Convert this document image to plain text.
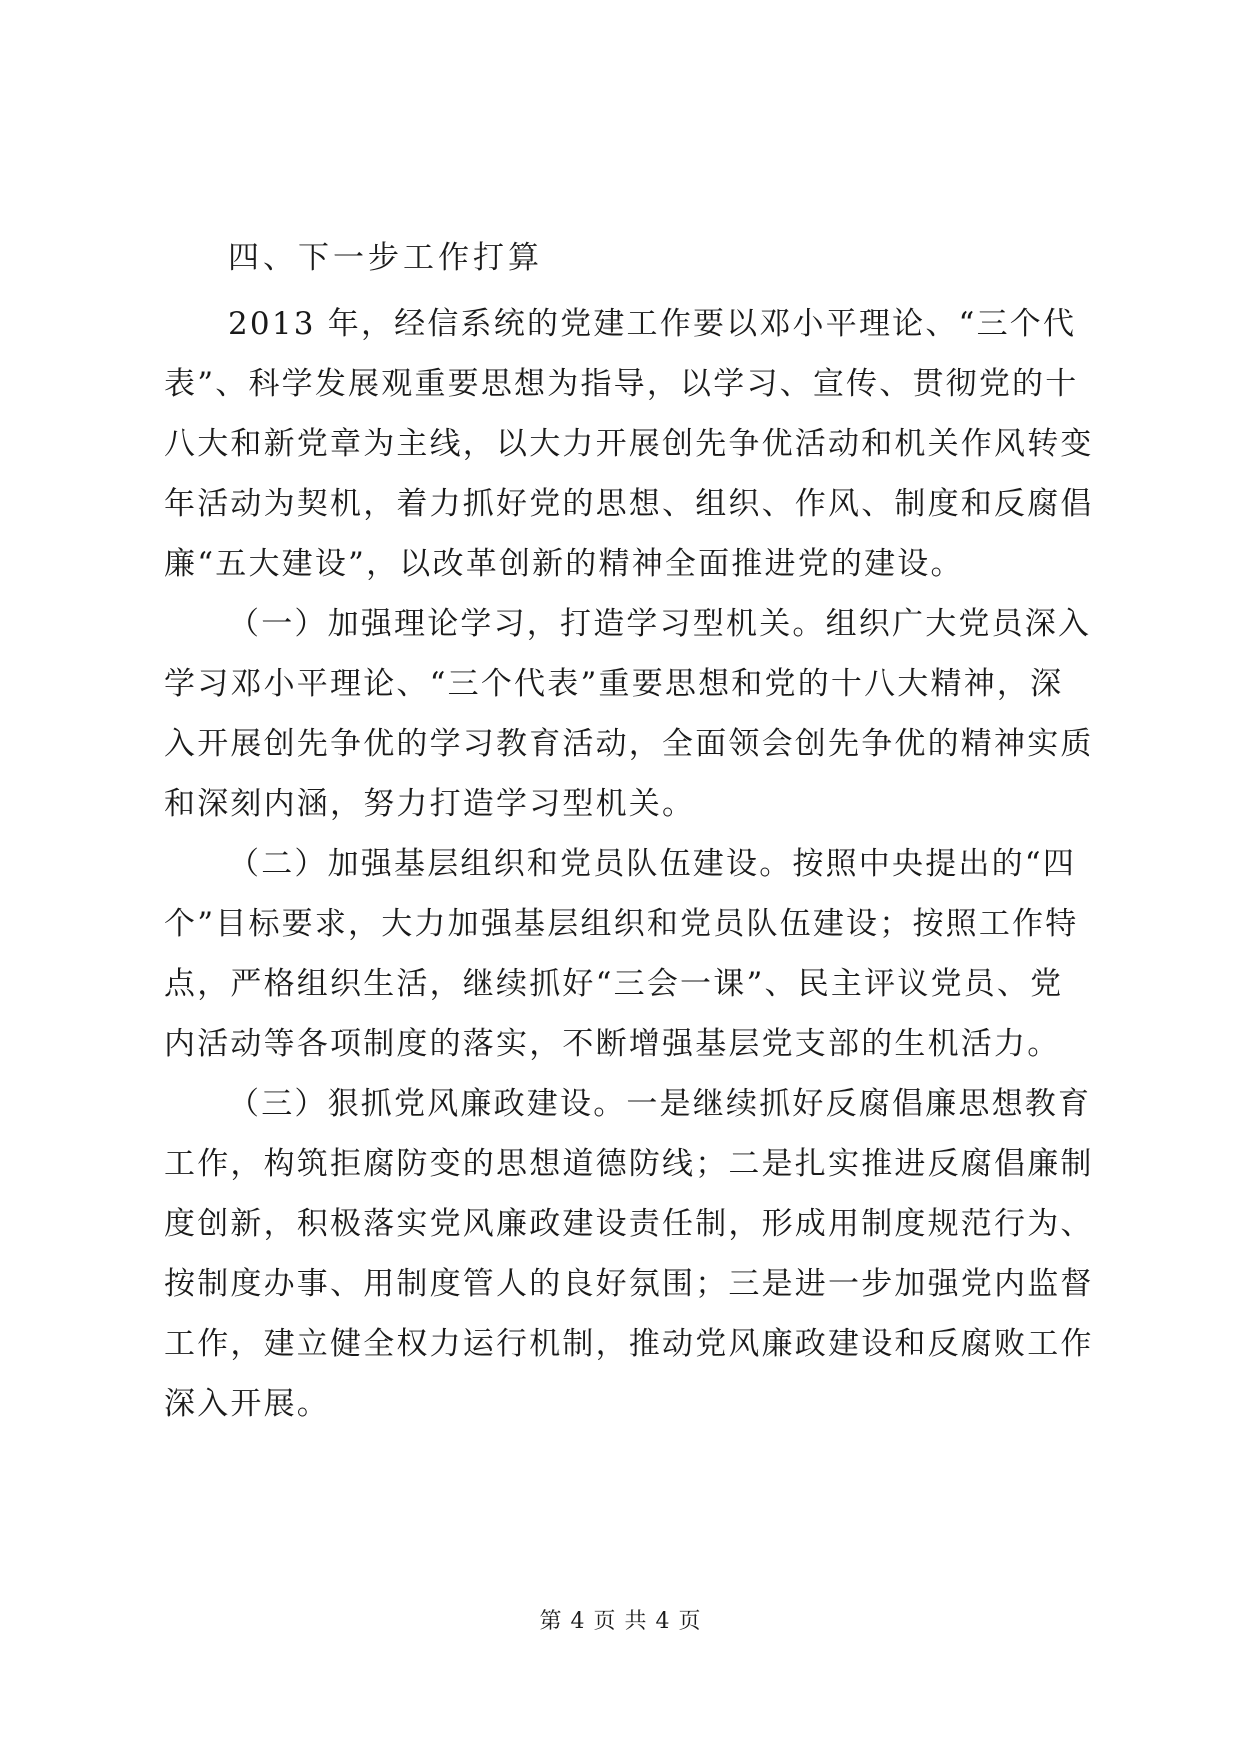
四、下一步工作打算
2013 年，经信系统的党建工作要以邓小平理论、“三个代
表”、科学发展观重要思想为指导，以学习、宣传、贯彻党的十
八大和新党章为主线，以大力开展创先争优活动和机关作风转变
年活动为契机，着力抓好党的思想、组织、作风、制度和反腐倡
廉“五大建设”，以改革创新的精神全面推进党的建设。
（一）加强理论学习，打造学习型机关。组织广大党员深入
学习邓小平理论、“三个代表”重要思想和党的十八大精神，深
入开展创先争优的学习教育活动，全面领会创先争优的精神实质
和深刻内涵，努力打造学习型机关。
（二）加强基层组织和党员队伍建设。按照中央提出的“四
个”目标要求，大力加强基层组织和党员队伍建设；按照工作特
点，严格组织生活，继续抓好“三会一课”、民主评议党员、党
内活动等各项制度的落实，不断增强基层党支部的生机活力。
（三）狠抓党风廉政建设。一是继续抓好反腐倡廉思想教育
工作，构筑拒腐防变的思想道德防线；二是扎实推进反腐倡廉制
度创新，积极落实党风廉政建设责任制，形成用制度规范行为、
按制度办事、用制度管人的良好氛围；三是进一步加强党内监督
工作，建立健全权力运行机制，推动党风廉政建设和反腐败工作
深入开展。
第 4 页 共 4 页
